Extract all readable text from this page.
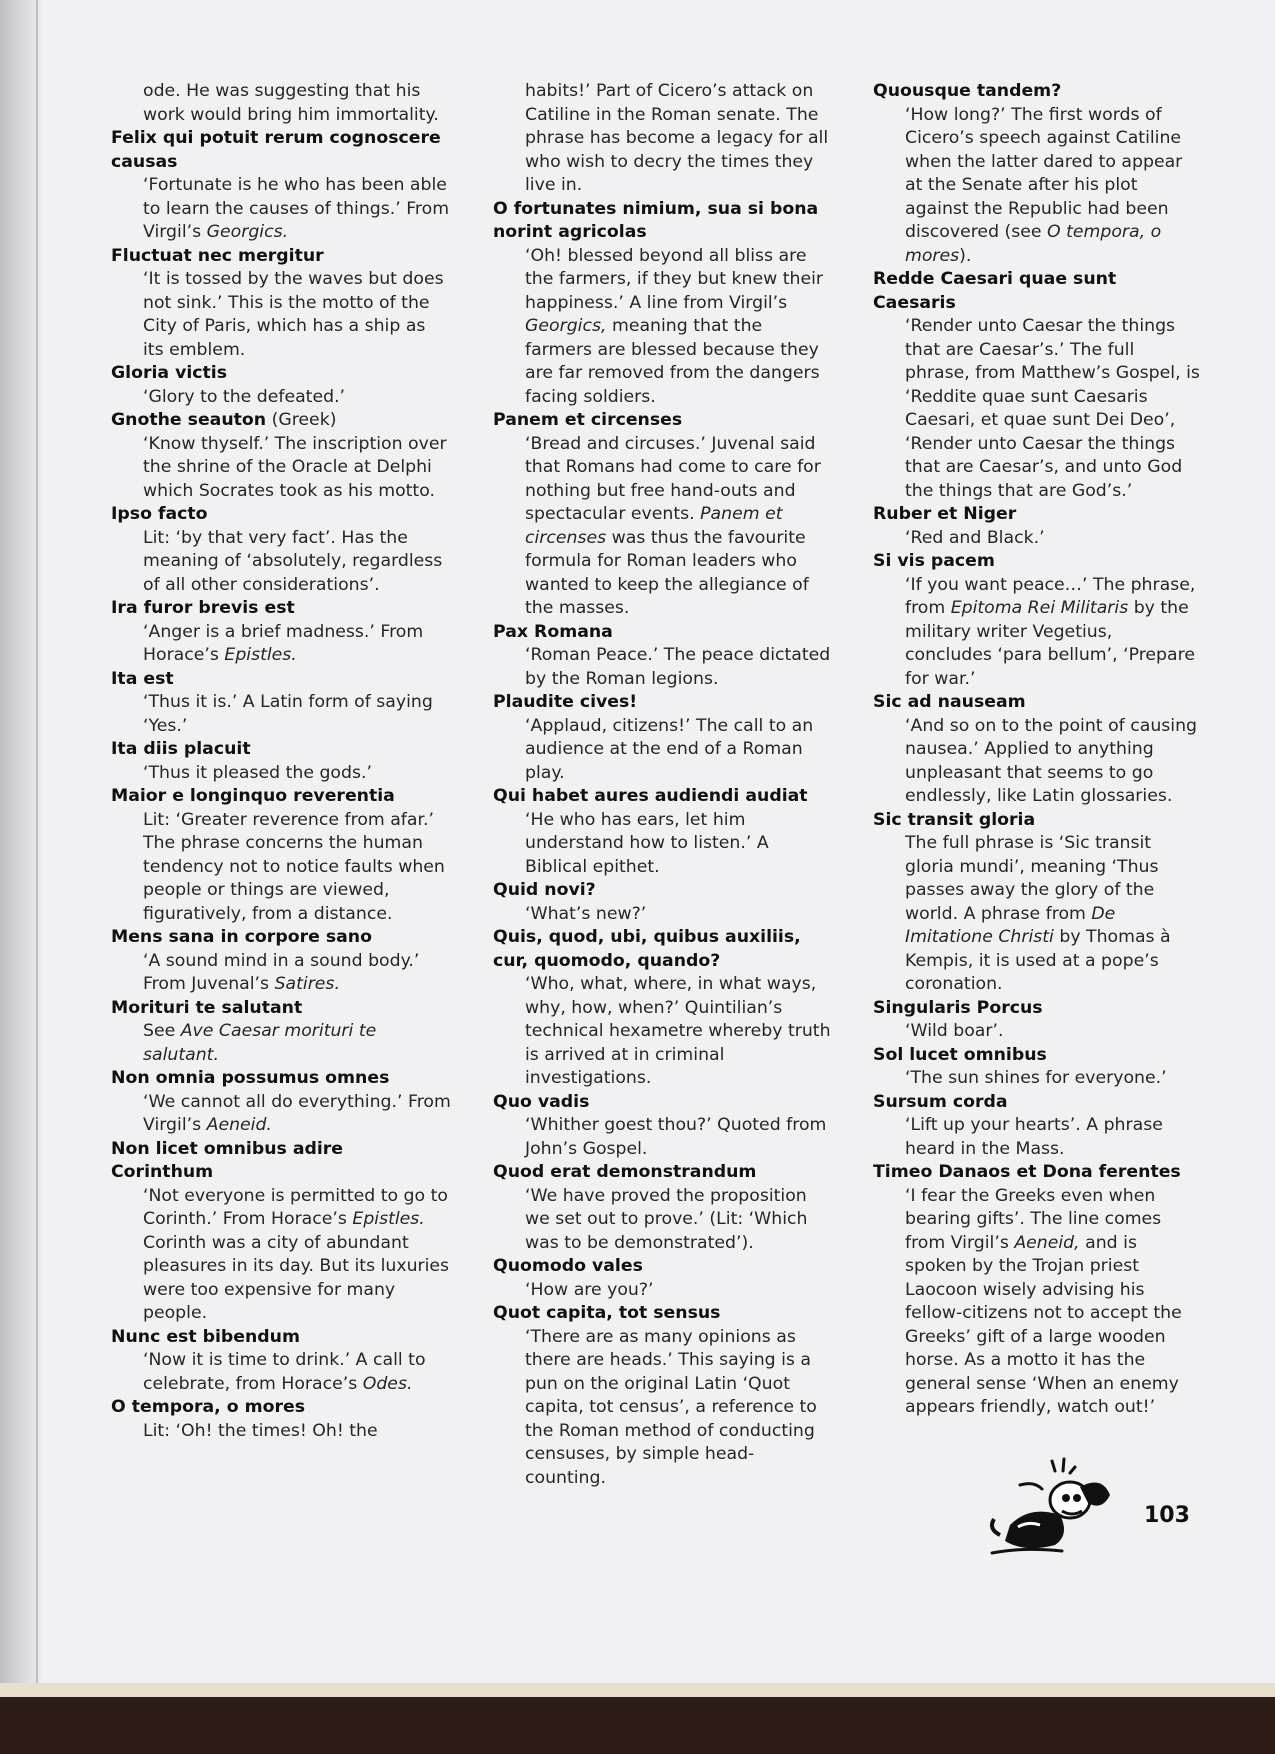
ode. He was suggesting that his work would bring him immortality.
Felix qui potuit rerum cognoscere causas
‘Fortunate is he who has been able to learn the causes of things.’ From Virgil’s Georgics.
Fluctuat nec mergitur
‘It is tossed by the waves but does not sink.’ This is the motto of the City of Paris, which has a ship as its emblem.
Gloria victis
‘Glory to the defeated.’
Gnothe seauton (Greek)
‘Know thyself.’ The inscription over the shrine of the Oracle at Delphi which Socrates took as his motto.
Ipso facto
Lit: ‘by that very fact’. Has the meaning of ‘absolutely, regardless of all other considerations’.
Ira furor brevis est
‘Anger is a brief madness.’ From Horace’s Epistles.
Ita est
‘Thus it is.’ A Latin form of saying ‘Yes.’
Ita diis placuit
‘Thus it pleased the gods.’
Maior e longinquo reverentia
Lit: ‘Greater reverence from afar.’ The phrase concerns the human tendency not to notice faults when people or things are viewed, figuratively, from a distance.
Mens sana in corpore sano
‘A sound mind in a sound body.’ From Juvenal’s Satires.
Morituri te salutant
See Ave Caesar morituri te salutant.
Non omnia possumus omnes
‘We cannot all do everything.’ From Virgil’s Aeneid.
Non licet omnibus adire Corinthum
‘Not everyone is permitted to go to Corinth.’ From Horace’s Epistles. Corinth was a city of abundant pleasures in its day. But its luxuries were too expensive for many people.
Nunc est bibendum
‘Now it is time to drink.’ A call to celebrate, from Horace’s Odes.
O tempora, o mores
Lit: ‘Oh! the times! Oh! the
habits!’ Part of Cicero’s attack on Catiline in the Roman senate. The phrase has become a legacy for all who wish to decry the times they live in.
O fortunates nimium, sua si bona norint agricolas
‘Oh! blessed beyond all bliss are the farmers, if they but knew their happiness.’ A line from Virgil’s Georgics, meaning that the farmers are blessed because they are far removed from the dangers facing soldiers.
Panem et circenses
‘Bread and circuses.’ Juvenal said that Romans had come to care for nothing but free hand-outs and spectacular events. Panem et circenses was thus the favourite formula for Roman leaders who wanted to keep the allegiance of the masses.
Pax Romana
‘Roman Peace.’ The peace dictated by the Roman legions.
Plaudite cives!
‘Applaud, citizens!’ The call to an audience at the end of a Roman play.
Qui habet aures audiendi audiat
‘He who has ears, let him understand how to listen.’ A Biblical epithet.
Quid novi?
‘What’s new?’
Quis, quod, ubi, quibus auxiliis, cur, quomodo, quando?
‘Who, what, where, in what ways, why, how, when?’ Quintilian’s technical hexametre whereby truth is arrived at in criminal investigations.
Quo vadis
‘Whither goest thou?’ Quoted from John’s Gospel.
Quod erat demonstrandum
‘We have proved the proposition we set out to prove.’ (Lit: ‘Which was to be demonstrated’).
Quomodo vales
‘How are you?’
Quot capita, tot sensus
‘There are as many opinions as there are heads.’ This saying is a pun on the original Latin ‘Quot capita, tot census’, a reference to the Roman method of conducting censuses, by simple head-counting.
Quousque tandem?
‘How long?’ The first words of Cicero’s speech against Catiline when the latter dared to appear at the Senate after his plot against the Republic had been discovered (see O tempora, o mores).
Redde Caesari quae sunt Caesaris
‘Render unto Caesar the things that are Caesar’s.’ The full phrase, from Matthew’s Gospel, is ‘Reddite quae sunt Caesaris Caesari, et quae sunt Dei Deo’, ‘Render unto Caesar the things that are Caesar’s, and unto God the things that are God’s.’
Ruber et Niger
‘Red and Black.’
Si vis pacem
‘If you want peace…’ The phrase, from Epitoma Rei Militaris by the military writer Vegetius, concludes ‘para bellum’, ‘Prepare for war.’
Sic ad nauseam
‘And so on to the point of causing nausea.’ Applied to anything unpleasant that seems to go endlessly, like Latin glossaries.
Sic transit gloria
The full phrase is ‘Sic transit gloria mundi’, meaning ‘Thus passes away the glory of the world. A phrase from De Imitatione Christi by Thomas à Kempis, it is used at a pope’s coronation.
Singularis Porcus
‘Wild boar’.
Sol lucet omnibus
‘The sun shines for everyone.’
Sursum corda
‘Lift up your hearts’. A phrase heard in the Mass.
Timeo Danaos et Dona ferentes
‘I fear the Greeks even when bearing gifts’. The line comes from Virgil’s Aeneid, and is spoken by the Trojan priest Laocoon wisely advising his fellow-citizens not to accept the Greeks’ gift of a large wooden horse. As a motto it has the general sense ‘When an enemy appears friendly, watch out!’
103
